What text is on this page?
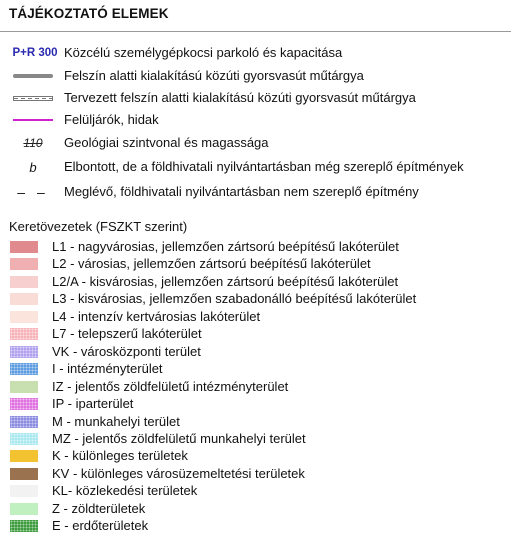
TÁJÉKOZTATÓ ELEMEK
P+R 300 Közcélú személygépkocsi parkoló és kapacitása
Felszín alatti kialakítású közúti gyorsvasút műtárgya
Tervezett felszín alatti kialakítású közúti gyorsvasút műtárgya
Felüljárók, hidak
110 Geológiai szintvonal és magassága
b Elbontott, de a földhivatali nyilvántartásban még szereplő építmények
– – Meglévő, földhivatali nyilvántartásban nem szereplő építmény
Keretövezetek (FSZKT szerint)
L1 - nagyvárosias, jellemzően zártsorú beépítésű lakóterület
L2 - városias, jellemzően zártsorú beépítésű lakóterület
L2/A - kisvárosias, jellemzően zártsorú beépítésű lakóterület
L3 - kisvárosias, jellemzően szabadonálló beépítésű lakóterület
L4 - intenzív kertvárosias lakóterület
L7 - telepszerű lakóterület
VK - városközponti terület
I - intézményterület
IZ - jelentős zöldfelületű intézményterület
IP - iparterület
M - munkahelyi terület
MZ - jelentős zöldfelületű munkahelyi terület
K - különleges területek
KV - különleges városüzemeltetési területek
KL- közlekedési területek
Z - zöldterületek
E - erdőterületek
